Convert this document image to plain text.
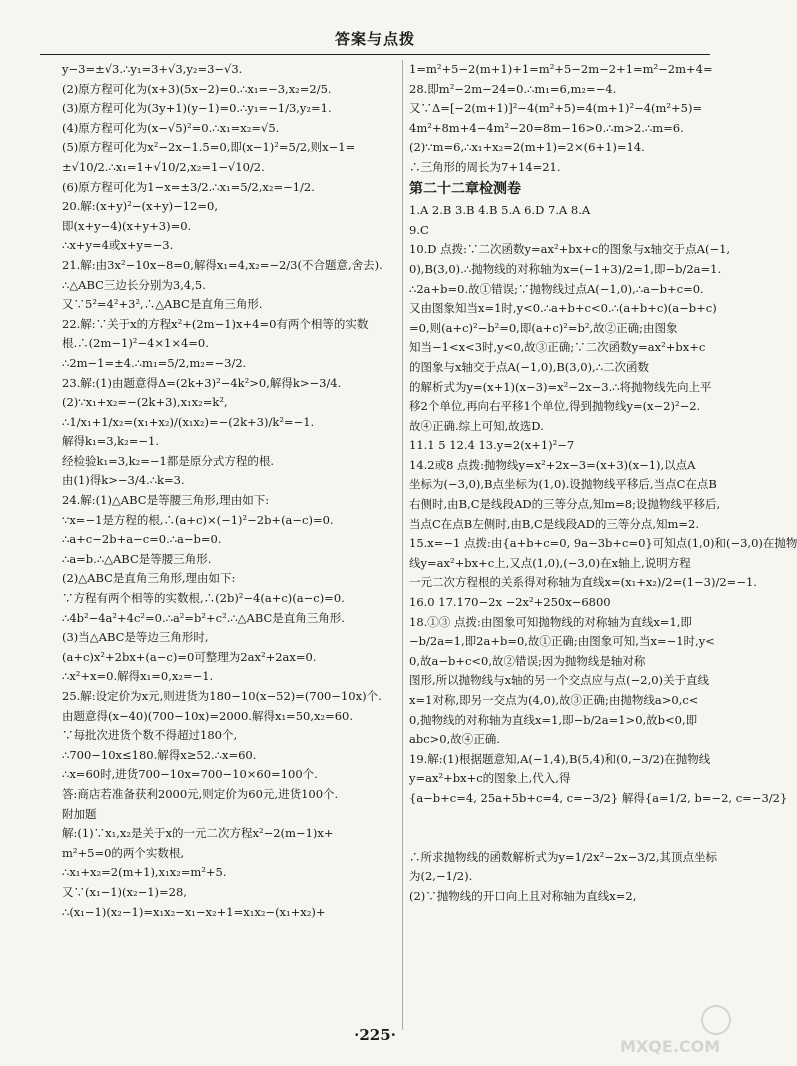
答案与点拨
y−3=±√3.∴y₁=3+√3,y₂=3−√3.
(2)原方程可化为(x+3)(5x−2)=0.∴x₁=−3,x₂=2/5.
(3)原方程可化为(3y+1)(y−1)=0.∴y₁=−1/3,y₂=1.
(4)原方程可化为(x−√5)²=0.∴x₁=x₂=√5.
(5)原方程可化为x²−2x−1.5=0,即(x−1)²=5/2,则x−1=
±√10/2.∴x₁=1+√10/2,x₂=1−√10/2.
(6)原方程可化为1−x=±3/2.∴x₁=5/2,x₂=−1/2.
20.解:(x+y)²−(x+y)−12=0,
即(x+y−4)(x+y+3)=0.
∴x+y=4或x+y=−3.
21.解:由3x²−10x−8=0,解得x₁=4,x₂=−2/3(不合题意,舍去).
∴△ABC三边长分别为3,4,5.
又∵5²=4²+3²,∴△ABC是直角三角形.
22.解:∵关于x的方程x²+(2m−1)x+4=0有两个相等的实数
根.∴(2m−1)²−4×1×4=0.
∴2m−1=±4.∴m₁=5/2,m₂=−3/2.
23.解:(1)由题意得Δ=(2k+3)²−4k²>0,解得k>−3/4.
(2)∵x₁+x₂=−(2k+3),x₁x₂=k²,
∴1/x₁+1/x₂=(x₁+x₂)/(x₁x₂)=−(2k+3)/k²=−1.
解得k₁=3,k₂=−1.
经检验k₁=3,k₂=−1都是原分式方程的根.
由(1)得k>−3/4.∴k=3.
24.解:(1)△ABC是等腰三角形,理由如下:
∵x=−1是方程的根,∴(a+c)×(−1)²−2b+(a−c)=0.
∴a+c−2b+a−c=0.∴a−b=0.
∴a=b.∴△ABC是等腰三角形.
(2)△ABC是直角三角形,理由如下:
∵方程有两个相等的实数根,∴(2b)²−4(a+c)(a−c)=0.
∴4b²−4a²+4c²=0.∴a²=b²+c².∴△ABC是直角三角形.
(3)当△ABC是等边三角形时,
(a+c)x²+2bx+(a−c)=0可整理为2ax²+2ax=0.
∴x²+x=0.解得x₁=0,x₂=−1.
25.解:设定价为x元,则进货为180−10(x−52)=(700−10x)个.
由题意得(x−40)(700−10x)=2000.解得x₁=50,x₂=60.
∵每批次进货个数不得超过180个,
∴700−10x≤180.解得x≥52.∴x=60.
∴x=60时,进货700−10x=700−10×60=100个.
答:商店若准备获利2000元,则定价为60元,进货100个.
附加题
解:(1)∵x₁,x₂是关于x的一元二次方程x²−2(m−1)x+
m²+5=0的两个实数根,
∴x₁+x₂=2(m+1),x₁x₂=m²+5.
又∵(x₁−1)(x₂−1)=28,
∴(x₁−1)(x₂−1)=x₁x₂−x₁−x₂+1=x₁x₂−(x₁+x₂)+
1=m²+5−2(m+1)+1=m²+5−2m−2+1=m²−2m+4=
28.即m²−2m−24=0.∴m₁=6,m₂=−4.
又∵Δ=[−2(m+1)]²−4(m²+5)=4(m+1)²−4(m²+5)=
4m²+8m+4−4m²−20=8m−16>0.∴m>2.∴m=6.
(2)∵m=6,∴x₁+x₂=2(m+1)=2×(6+1)=14.
∴三角形的周长为7+14=21.
第二十二章检测卷
1.A 2.B 3.B 4.B 5.A 6.D 7.A 8.A
9.C
10.D 点拨:∵二次函数y=ax²+bx+c的图象与x轴交于点A(−1,
0),B(3,0).∴抛物线的对称轴为x=(−1+3)/2=1,即−b/2a=1.
∴2a+b=0.故①错误;∵抛物线过点A(−1,0),∴a−b+c=0.
又由图象知当x=1时,y<0.∴a+b+c<0.∴(a+b+c)(a−b+c)
=0,则(a+c)²−b²=0,即(a+c)²=b²,故②正确;由图象
知当−1<x<3时,y<0,故③正确;∵二次函数y=ax²+bx+c
的图象与x轴交于点A(−1,0),B(3,0),∴二次函数
的解析式为y=(x+1)(x−3)=x²−2x−3.∴将抛物线先向上平
移2个单位,再向右平移1个单位,得到抛物线y=(x−2)²−2.
故④正确.综上可知,故选D.
11.1 5 12.4 13.y=2(x+1)²−7
14.2或8 点拨:抛物线y=x²+2x−3=(x+3)(x−1),以点A
坐标为(−3,0),B点坐标为(1,0).设抛物线平移后,当点C在点B
右侧时,由B,C是线段AD的三等分点,知m=8;设抛物线平移后,
当点C在点B左侧时,由B,C是线段AD的三等分点,知m=2.
15.x=−1 点拨:由{a+b+c=0, 9a−3b+c=0}可知点(1,0)和(−3,0)在抛物
线y=ax²+bx+c上,又点(1,0),(−3,0)在x轴上,说明方程
一元二次方程根的关系得对称轴为直线x=(x₁+x₂)/2=(1−3)/2=−1.
16.0 17.170−2x −2x²+250x−6800
18.①③ 点拨:由图象可知抛物线的对称轴为直线x=1,即
−b/2a=1,即2a+b=0,故①正确;由图象可知,当x=−1时,y<
0,故a−b+c<0,故②错误;因为抛物线是轴对称
图形,所以抛物线与x轴的另一个交点应与点(−2,0)关于直线
x=1对称,即另一交点为(4,0),故③正确;由抛物线a>0,c<
0,抛物线的对称轴为直线x=1,即−b/2a=1>0,故b<0,即
abc>0,故④正确.
19.解:(1)根据题意知,A(−1,4),B(5,4)和(0,−3/2)在抛物线
y=ax²+bx+c的图象上,代入,得
{a−b+c=4, 25a+5b+c=4, c=−3/2} 解得{a=1/2, b=−2, c=−3/2}

∴所求抛物线的函数解析式为y=1/2x²−2x−3/2,其顶点坐标
为(2,−1/2).
(2)∵抛物线的开口向上且对称轴为直线x=2,
·225·
MXQE.COM
